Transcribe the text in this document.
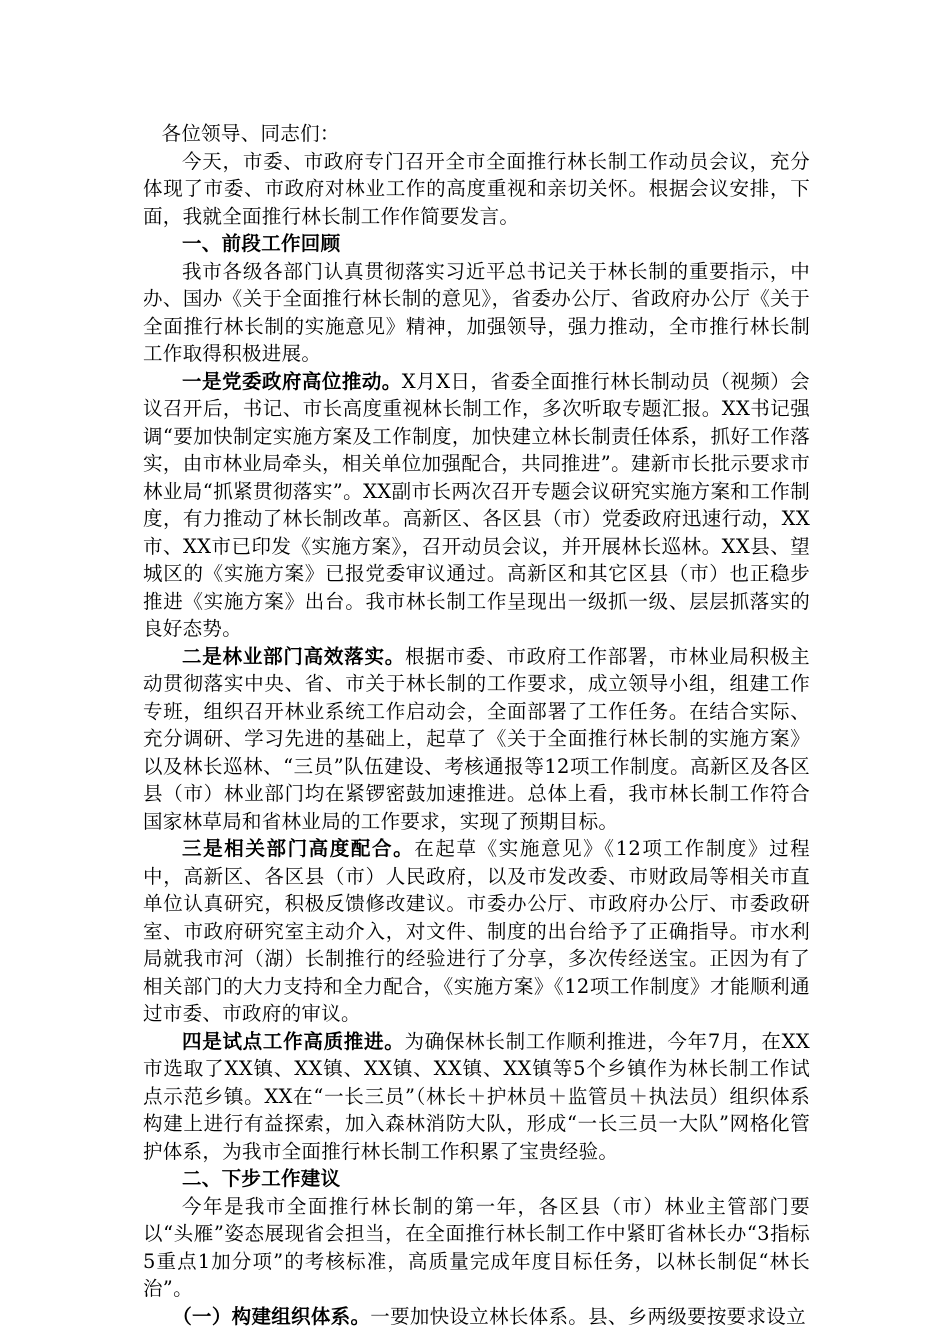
各位领导、同志们：

今天，市委、市政府专门召开全市全面推行林长制工作动员会议，充分体现了市委、市政府对林业工作的高度重视和亲切关怀。根据会议安排，下面，我就全面推行林长制工作作简要发言。

一、前段工作回顾

我市各级各部门认真贯彻落实习近平总书记关于林长制的重要指示，中办、国办《关于全面推行林长制的意见》，省委办公厅、省政府办公厅《关于全面推行林长制的实施意见》精神，加强领导，强力推动，全市推行林长制工作取得积极进展。

一是党委政府高位推动。X月X日，省委全面推行林长制动员（视频）会议召开后，书记、市长高度重视林长制工作，多次听取专题汇报。XX书记强调“要加快制定实施方案及工作制度，加快建立林长制责任体系，抓好工作落实，由市林业局牵头，相关单位加强配合，共同推进”。建新市长批示要求市林业局“抓紧贯彻落实”。XX副市长两次召开专题会议研究实施方案和工作制度，有力推动了林长制改革。高新区、各区县（市）党委政府迅速行动，XX市、XX市已印发《实施方案》，召开动员会议，并开展林长巡林。XX县、望城区的《实施方案》已报党委审议通过。高新区和其它区县（市）也正稳步推进《实施方案》出台。我市林长制工作呈现出一级抓一级、层层抓落实的良好态势。

二是林业部门高效落实。根据市委、市政府工作部署，市林业局积极主动贯彻落实中央、省、市关于林长制的工作要求，成立领导小组，组建工作专班，组织召开林业系统工作启动会，全面部署了工作任务。在结合实际、充分调研、学习先进的基础上，起草了《关于全面推行林长制的实施方案》以及林长巡林、“三员”队伍建设、考核通报等12项工作制度。高新区及各区县（市）林业部门均在紧锣密鼓加速推进。总体上看，我市林长制工作符合国家林草局和省林业局的工作要求，实现了预期目标。

三是相关部门高度配合。在起草《实施意见》《12项工作制度》过程中，高新区、各区县（市）人民政府，以及市发改委、市财政局等相关市直单位认真研究，积极反馈修改建议。市委办公厅、市政府办公厅、市委政研室、市政府研究室主动介入，对文件、制度的出台给予了正确指导。市水利局就我市河（湖）长制推行的经验进行了分享，多次传经送宝。正因为有了相关部门的大力支持和全力配合，《实施方案》《12项工作制度》才能顺利通过市委、市政府的审议。

四是试点工作高质推进。为确保林长制工作顺利推进，今年7月，在XX市选取了XX镇、XX镇、XX镇、XX镇、XX镇等5个乡镇作为林长制工作试点示范乡镇。XX在“一长三员”（林长＋护林员＋监管员＋执法员）组织体系构建上进行有益探索，加入森林消防大队，形成“一长三员一大队”网格化管护体系，为我市全面推行林长制工作积累了宝贵经验。

二、下步工作建议

今年是我市全面推行林长制的第一年，各区县（市）林业主管部门要以“头雁”姿态展现省会担当，在全面推行林长制工作中紧盯省林长办“3指标5重点1加分项”的考核标准，高质量完成年度目标任务，以林长制促“林长治”。

（一）构建组织体系。一要加快设立林长体系。县、乡两级要按要求设立
